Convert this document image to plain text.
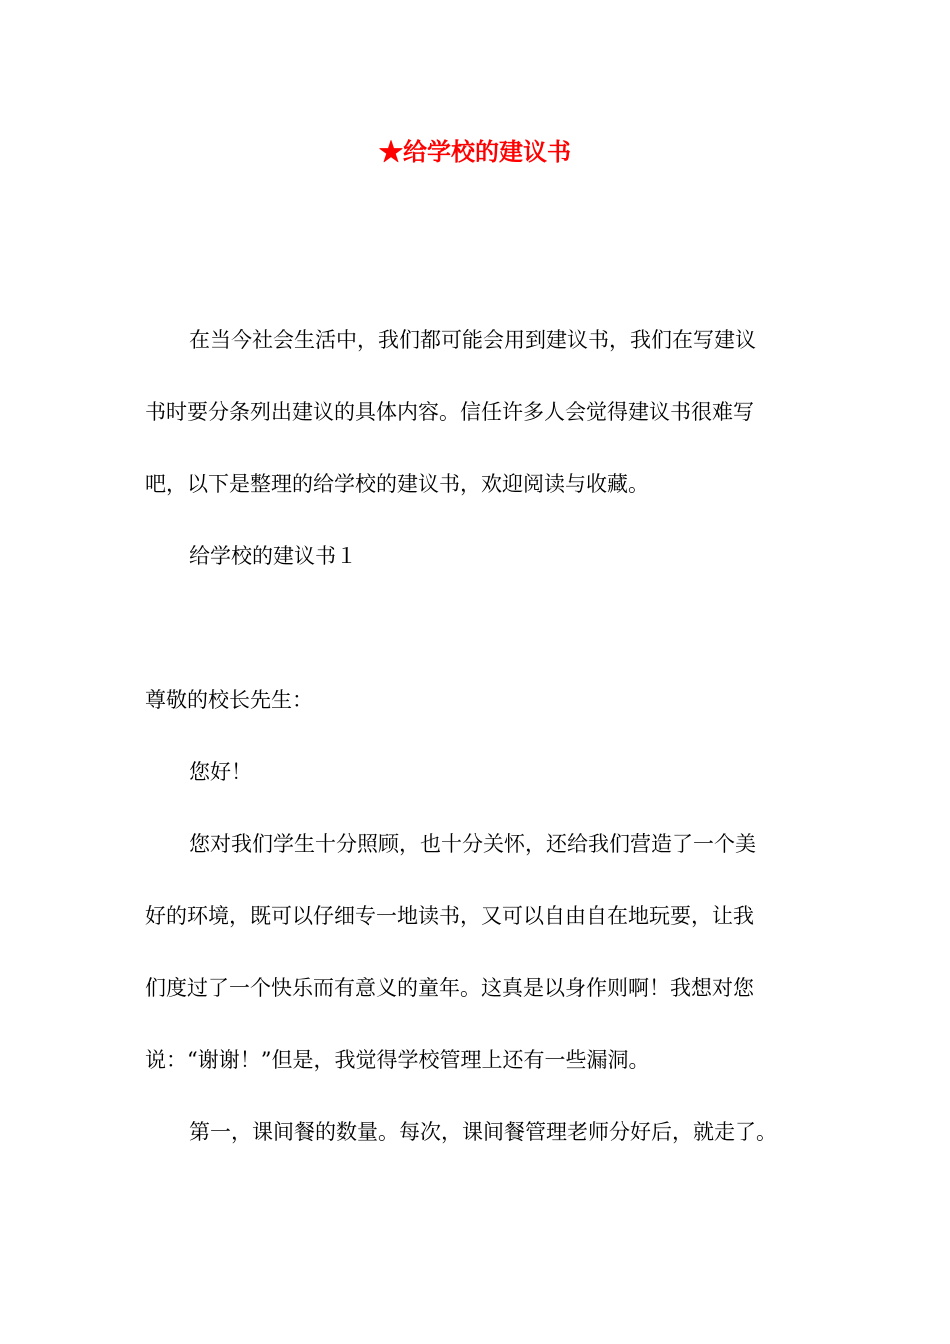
★给学校的建议书
在当今社会生活中，我们都可能会用到建议书，我们在写建议
书时要分条列出建议的具体内容。信任许多人会觉得建议书很难写
吧，以下是整理的给学校的建议书，欢迎阅读与收藏。
给学校的建议书１
尊敬的校长先生：
您好！
您对我们学生十分照顾，也十分关怀，还给我们营造了一个美
好的环境，既可以仔细专一地读书，又可以自由自在地玩要，让我
们度过了一个快乐而有意义的童年。这真是以身作则啊！我想对您
说：“谢谢！”但是，我觉得学校管理上还有一些漏洞。
第一，课间餐的数量。每次，课间餐管理老师分好后，就走了。
